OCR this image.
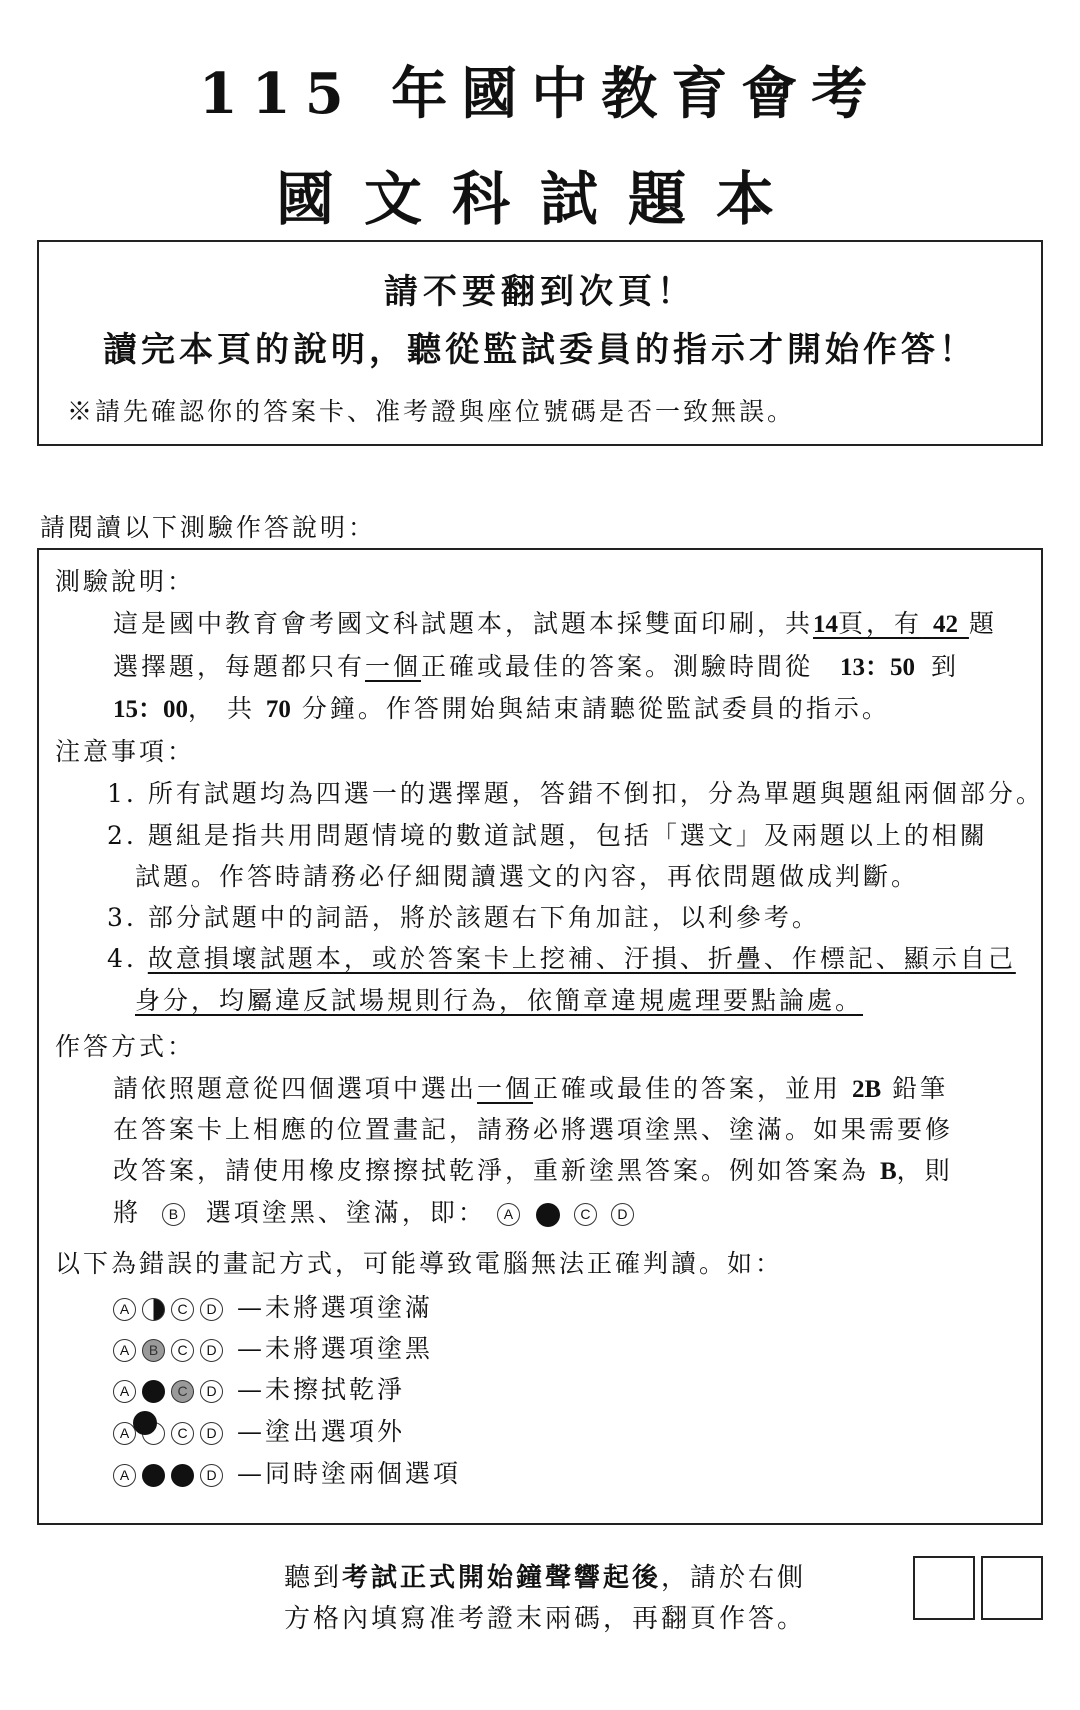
115 年國中教育會考
國文科試題本
請不要翻到次頁！
讀完本頁的說明，聽從監試委員的指示才開始作答！
※請先確認你的答案卡、准考證與座位號碼是否一致無誤。
請閱讀以下測驗作答說明：
測驗說明：
這是國中教育會考國文科試題本，試題本採雙面印刷，共14頁，有 42 題
選擇題，每題都只有一個正確或最佳的答案。測驗時間從 13：50 到
15：00， 共 70 分鐘。作答開始與結束請聽從監試委員的指示。
注意事項：
1. 所有試題均為四選一的選擇題，答錯不倒扣，分為單題與題組兩個部分。
2. 題組是指共用問題情境的數道試題，包括「選文」及兩題以上的相關
試題。作答時請務必仔細閱讀選文的內容，再依問題做成判斷。
3. 部分試題中的詞語，將於該題右下角加註，以利參考。
4. 故意損壞試題本，或於答案卡上挖補、汙損、折疊、作標記、顯示自己
身分，均屬違反試場規則行為，依簡章違規處理要點論處。
作答方式：
請依照題意從四個選項中選出一個正確或最佳的答案，並用 2B 鉛筆
在答案卡上相應的位置畫記，請務必將選項塗黑、塗滿。如果需要修
改答案，請使用橡皮擦擦拭乾淨，重新塗黑答案。例如答案為 B，則
將 B 選項塗黑、塗滿，即： A	C D
以下為錯誤的畫記方式，可能導致電腦無法正確判讀。如：
A	C D —未將選項塗滿
A B C D —未將選項塗黑
A	C D —未擦拭乾淨
A	C D —塗出選項外
A	D —同時塗兩個選項
聽到考試正式開始鐘聲響起後，請於右側
方格內填寫准考證末兩碼，再翻頁作答。
